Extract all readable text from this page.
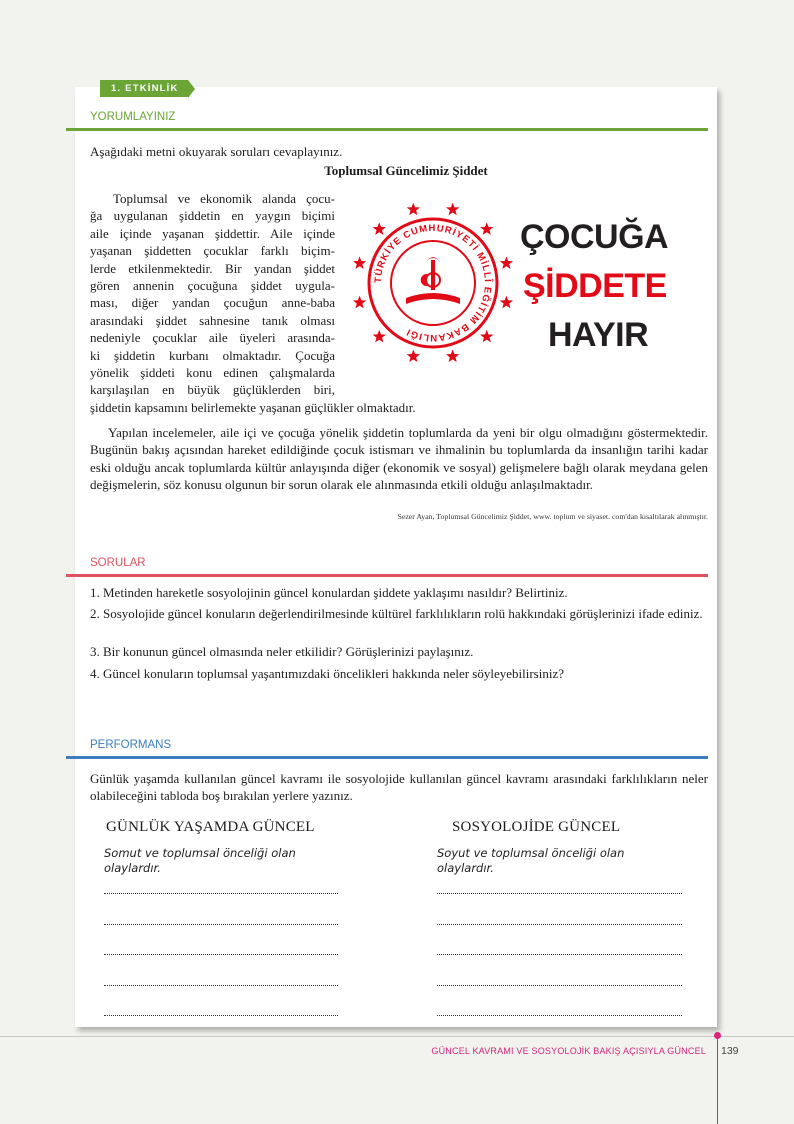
1. ETKİNLİK
YORUMLAYINIZ
Aşağıdaki metni okuyarak soruları cevaplayınız.
Toplumsal Güncelimiz Şiddet
Toplumsal ve ekonomik alanda çocu-
ğa uygulanan şiddetin en yaygın biçimi
aile içinde yaşanan şiddettir. Aile içinde
yaşanan şiddetten çocuklar farklı biçim-
lerde etkilenmektedir. Bir yandan şiddet
gören annenin çocuğuna şiddet uygula-
ması, diğer yandan çocuğun anne-baba
arasındaki şiddet sahnesine tanık olması
nedeniyle çocuklar aile üyeleri arasında-
ki şiddetin kurbanı olmaktadır. Çocuğa
yönelik şiddeti konu edinen çalışmalarda
karşılaşılan en büyük güçlüklerden biri,
şiddetin kapsamını belirlemekte yaşanan güçlükler olmaktadır.
Yapılan incelemeler, aile içi ve çocuğa yönelik şiddetin toplumlarda da yeni bir olgu olmadığını göstermektedir. Bugünün bakış açısından hareket edildiğinde çocuk istismarı ve ihmalinin bu toplumlarda da insanlığın tarihi kadar eski olduğu ancak toplumlarda kültür anlayışında diğer (ekonomik ve sosyal) gelişmelere bağlı olarak meydana gelen değişmelerin, söz konusu olgunun bir sorun olarak ele alınmasında etkili olduğu anlaşılmaktadır.
Sezer Ayan, Toplumsal Güncelimiz Şiddet, www. toplum ve siyaset. com'dan kısaltılarak alınmıştır.
TÜRKİYE CUMHURİYETİ MİLLÎ EĞİTİM BAKANLIĞI
ÇOCUĞA
ŞİDDETE
HAYIR
SORULAR
1. Metinden hareketle sosyolojinin güncel konulardan şiddete yaklaşımı nasıldır? Belirtiniz.
2. Sosyolojide güncel konuların değerlendirilmesinde kültürel farklılıkların rolü hakkındaki görüşlerinizi ifade ediniz.
3. Bir konunun güncel olmasında neler etkilidir? Görüşlerinizi paylaşınız.
4. Güncel konuların toplumsal yaşantımızdaki öncelikleri hakkında neler söyleyebilirsiniz?
PERFORMANS
Günlük yaşamda kullanılan güncel kavramı ile sosyolojide kullanılan güncel kavramı arasındaki farklılıkların neler olabileceğini tabloda boş bırakılan yerlere yazınız.
GÜNLÜK YAŞAMDA GÜNCEL	SOSYOLOJİDE GÜNCEL
Somut ve toplumsal önceliği olan
olaylardır.
Soyut ve toplumsal önceliği olan
olaylardır.
GÜNCEL KAVRAMI VE SOSYOLOJİK BAKIŞ AÇISIYLA GÜNCEL 139
